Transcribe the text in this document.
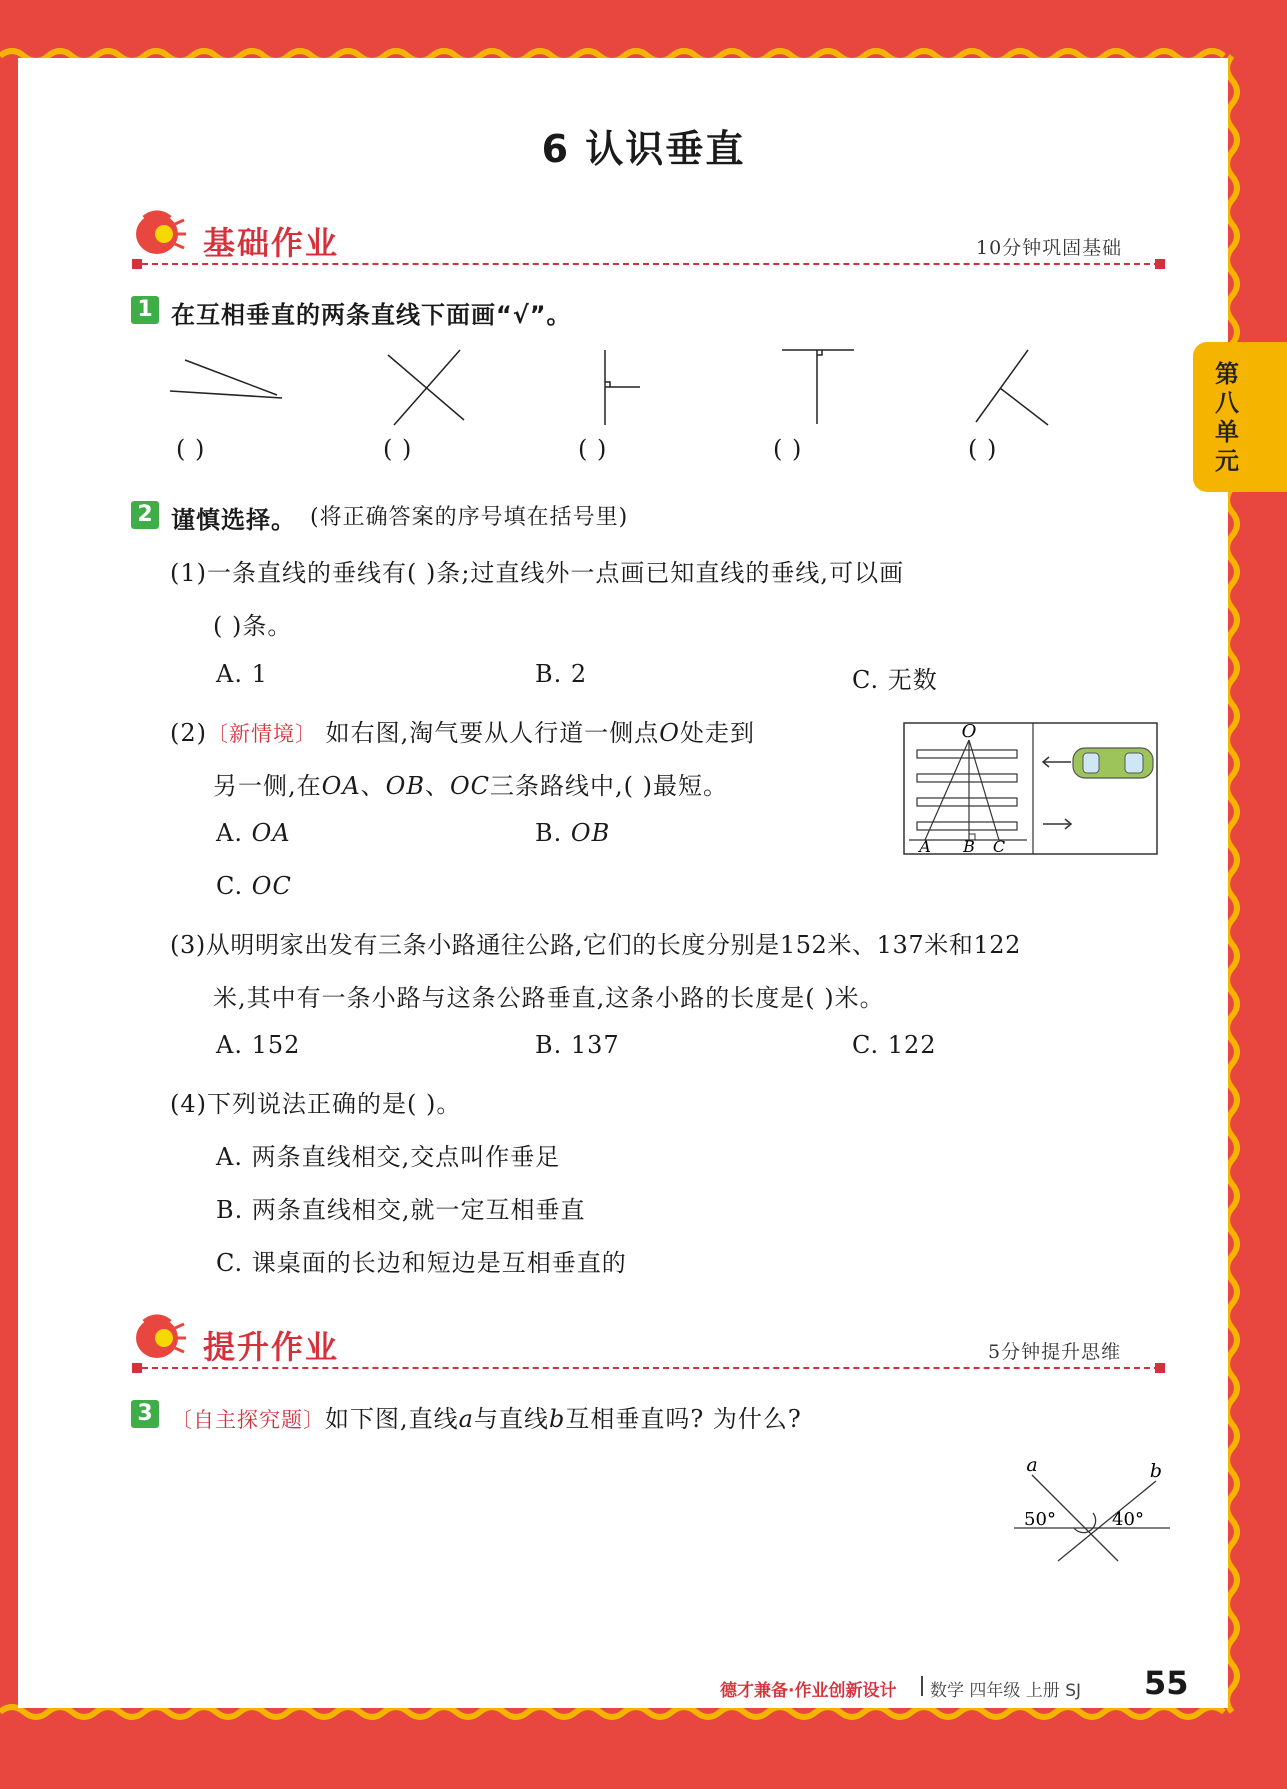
6 认识垂直
第八单元
基础作业	10分钟巩固基础
1 在互相垂直的两条直线下面画“√”。
( )	( )	( )	( )	( )
2 谨慎选择。 (将正确答案的序号填在括号里)
(1)一条直线的垂线有( )条;过直线外一点画已知直线的垂线,可以画
( )条。
A. 1	B. 2	C. 无数
(2)〔新情境〕 如右图,淘气要从人行道一侧点O处走到
另一侧,在OA、OB、OC三条路线中,( )最短。
A. OA	B. OB
C. OC
O
A B C
(3)从明明家出发有三条小路通往公路,它们的长度分别是152米、137米和122
米,其中有一条小路与这条公路垂直,这条小路的长度是( )米。
A. 152	B. 137	C. 122
(4)下列说法正确的是( )。
A. 两条直线相交,交点叫作垂足
B. 两条直线相交,就一定互相垂直
C. 课桌面的长边和短边是互相垂直的
提升作业	5分钟提升思维
3 〔自主探究题〕如下图,直线a与直线b互相垂直吗? 为什么?
a	b
50°	40°
德才兼备·作业创新设计 数学 四年级 上册 SJ 55
